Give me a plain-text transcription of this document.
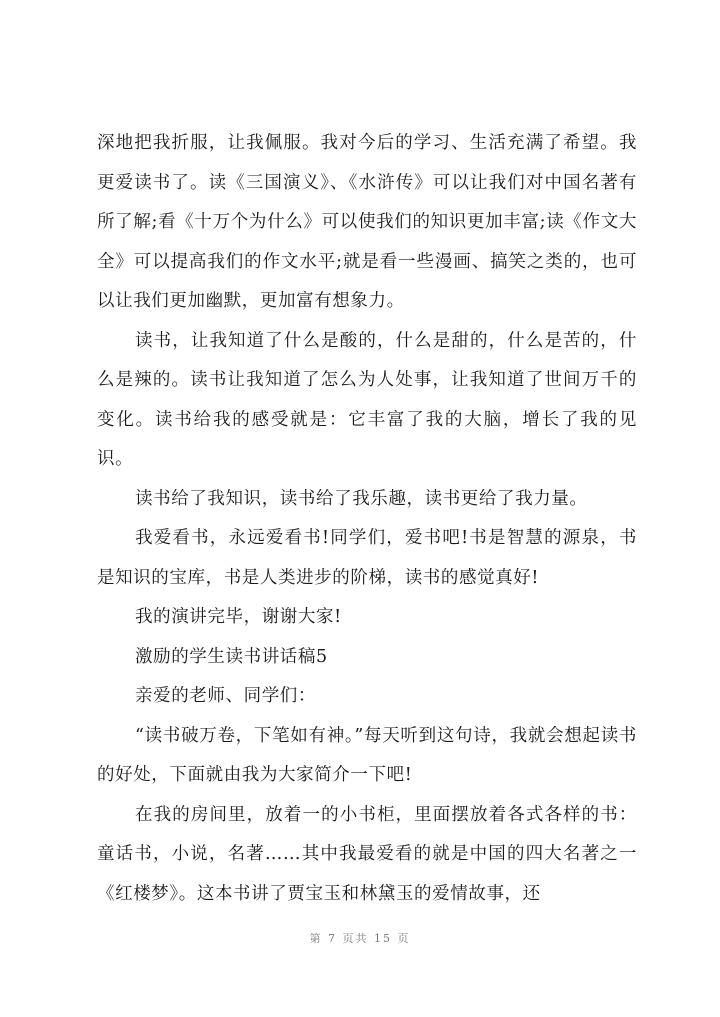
深地把我折服，让我佩服。我对今后的学习、生活充满了希望。我更爱读书了。读《三国演义》、《水浒传》可以让我们对中国名著有所了解;看《十万个为什么》可以使我们的知识更加丰富;读《作文大全》可以提高我们的作文水平;就是看一些漫画、搞笑之类的，也可以让我们更加幽默，更加富有想象力。

读书，让我知道了什么是酸的，什么是甜的，什么是苦的，什么是辣的。读书让我知道了怎么为人处事，让我知道了世间万千的变化。读书给我的感受就是：它丰富了我的大脑，增长了我的见识。

读书给了我知识，读书给了我乐趣，读书更给了我力量。

我爱看书，永远爱看书!同学们，爱书吧!书是智慧的源泉，书是知识的宝库，书是人类进步的阶梯，读书的感觉真好!

我的演讲完毕，谢谢大家!

激励的学生读书讲话稿5

亲爱的老师、同学们：

“读书破万卷，下笔如有神。”每天听到这句诗，我就会想起读书的好处，下面就由我为大家简介一下吧!

在我的房间里，放着一的小书柜，里面摆放着各式各样的书：童话书，小说，名著……其中我最爱看的就是中国的四大名著之一《红楼梦》。这本书讲了贾宝玉和林黛玉的爱情故事，还

第 7 页共 15 页
